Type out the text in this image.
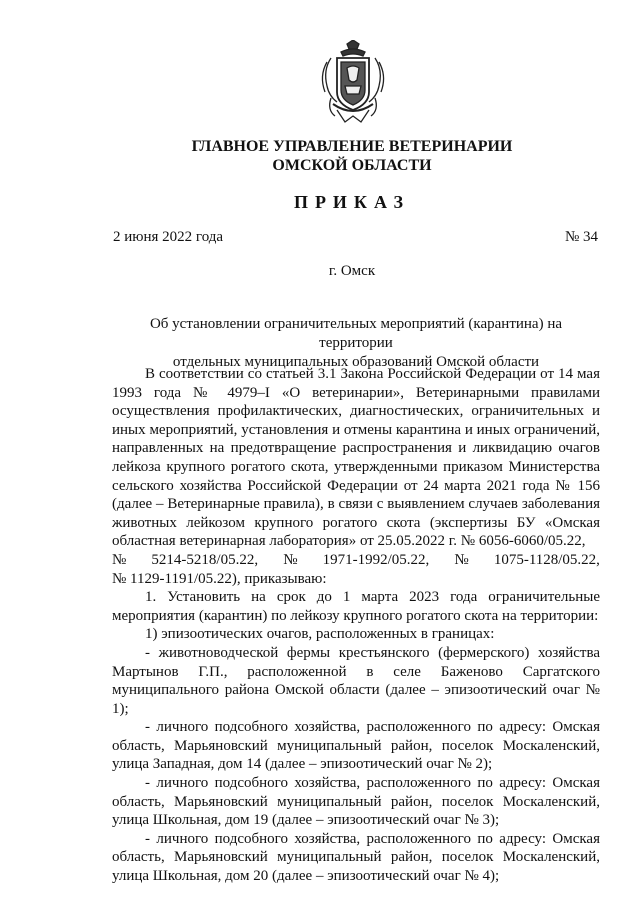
ГЛАВНОЕ УПРАВЛЕНИЕ ВЕТЕРИНАРИИ
ОМСКОЙ ОБЛАСТИ
ПРИКАЗ
2 июня 2022 года	№ 34
г. Омск
Об установлении ограничительных мероприятий (карантина) на территории
отдельных муниципальных образований Омской области

В соответствии со статьей 3.1 Закона Российской Федерации от 14 мая 1993 года № 4979–I «О ветеринарии», Ветеринарными правилами осуществления профилактических, диагностических, ограничительных и иных мероприятий, установления и отмены карантина и иных ограничений, направленных на предотвращение распространения и ликвидацию очагов лейкоза крупного рогатого скота, утвержденными приказом Министерства сельского хозяйства Российской Федерации от 24 марта 2021 года № 156 (далее – Ветеринарные правила), в связи с выявлением случаев заболевания животных лейкозом крупного рогатого скота (экспертизы БУ «Омская областная ветеринарная лаборатория» от 25.05.2022 г. № 6056-6060/05.22,

№ 5214-5218/05.22, № 1971-1992/05.22, № 1075-1128/05.22,

№ 1129-1191/05.22), приказываю:

1. Установить на срок до 1 марта 2023 года ограничительные мероприятия (карантин) по лейкозу крупного рогатого скота на территории:

1) эпизоотических очагов, расположенных в границах:

- животноводческой фермы крестьянского (фермерского) хозяйства Мартынов Г.П., расположенной в селе Баженово Саргатского муниципального района Омской области (далее – эпизоотический очаг № 1);

- личного подсобного хозяйства, расположенного по адресу: Омская область, Марьяновский муниципальный район, поселок Москаленский, улица Западная, дом 14 (далее – эпизоотический очаг № 2);

- личного подсобного хозяйства, расположенного по адресу: Омская область, Марьяновский муниципальный район, поселок Москаленский, улица Школьная, дом 19 (далее – эпизоотический очаг № 3);

- личного подсобного хозяйства, расположенного по адресу: Омская область, Марьяновский муниципальный район, поселок Москаленский, улица Школьная, дом 20 (далее – эпизоотический очаг № 4);
